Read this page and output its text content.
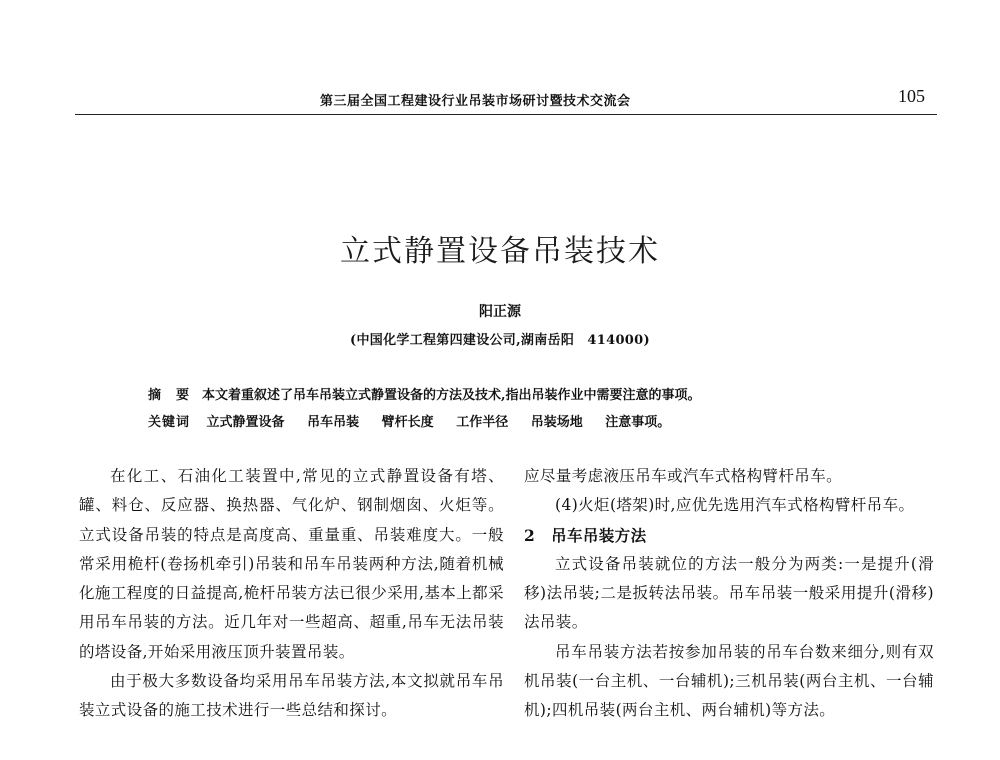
第三届全国工程建设行业吊装市场研讨暨技术交流会	105
立式静置设备吊装技术
阳正源
(中国化学工程第四建设公司,湖南岳阳　414000)
摘　要 本文着重叙述了吊车吊装立式静置设备的方法及技术,指出吊装作业中需要注意的事项。
关键词 立式静置设备 吊车吊装 臂杆长度 工作半径 吊装场地 注意事项。

在化工、石油化工装置中,常见的立式静置设备有塔、罐、料仓、反应器、换热器、气化炉、钢制烟囱、火炬等。立式设备吊装的特点是高度高、重量重、吊装难度大。一般常采用桅杆(卷扬机牵引)吊装和吊车吊装两种方法,随着机械化施工程度的日益提高,桅杆吊装方法已很少采用,基本上都采用吊车吊装的方法。近几年对一些超高、超重,吊车无法吊装的塔设备,开始采用液压顶升装置吊装。

由于极大多数设备均采用吊车吊装方法,本文拟就吊车吊装立式设备的施工技术进行一些总结和探讨。

应尽量考虑液压吊车或汽车式格构臂杆吊车。

(4)火炬(塔架)时,应优先选用汽车式格构臂杆吊车。

2　吊车吊装方法

立式设备吊装就位的方法一般分为两类:一是提升(滑移)法吊装;二是扳转法吊装。吊车吊装一般采用提升(滑移)法吊装。

吊车吊装方法若按参加吊装的吊车台数来细分,则有双机吊装(一台主机、一台辅机);三机吊装(两台主机、一台辅机);四机吊装(两台主机、两台辅机)等方法。
